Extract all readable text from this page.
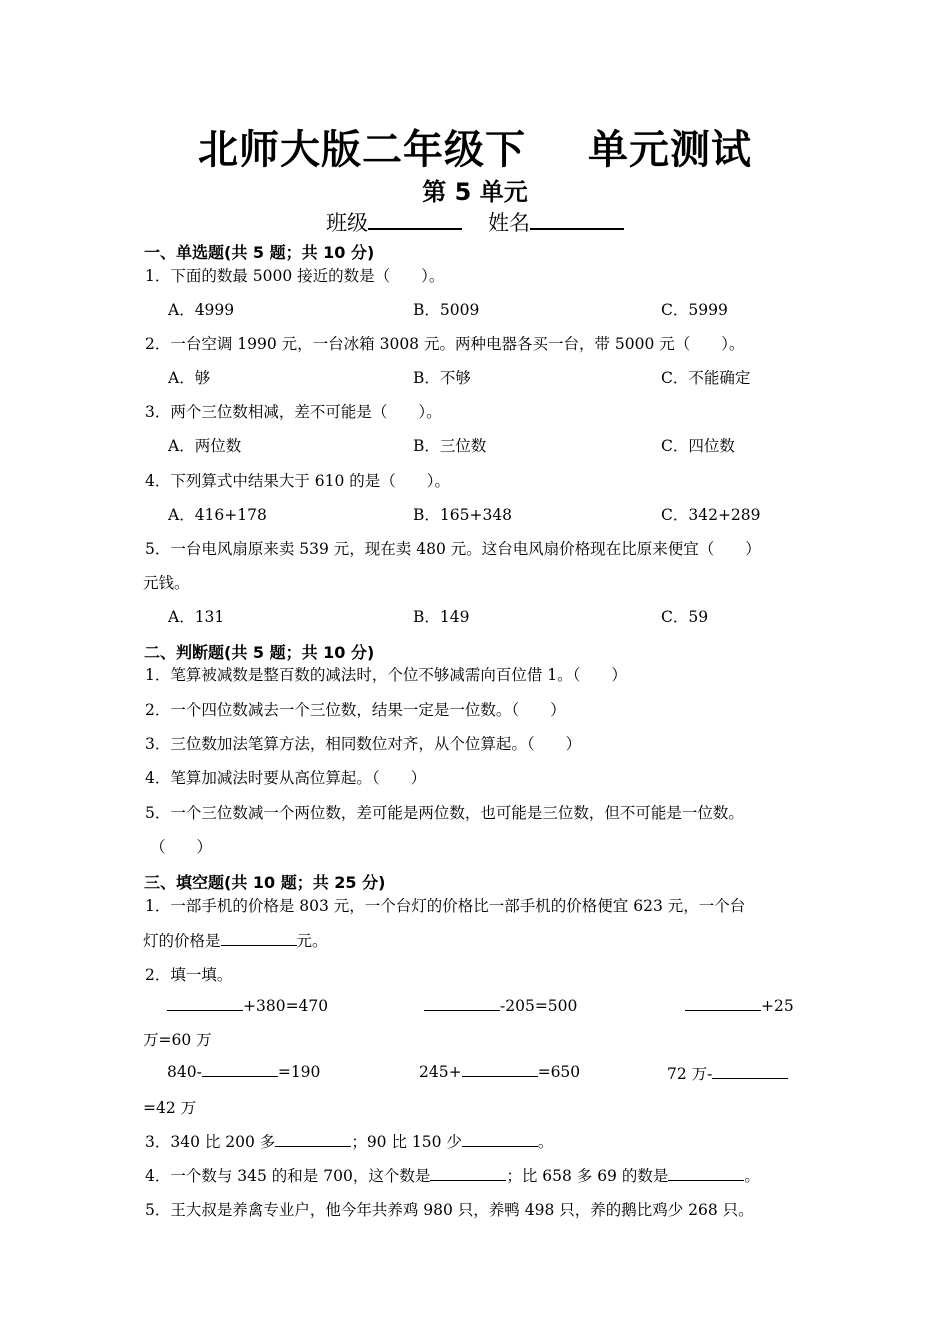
北师大版二年级下 单元测试
第 5 单元
班级	姓名
一、单选题(共 5 题；共 10 分)
1．下面的数最 5000 接近的数是（　　）。
A．4999	B．5009	C．5999
2．一台空调 1990 元，一台冰箱 3008 元。两种电器各买一台，带 5000 元（　　）。
A．够	B．不够	C．不能确定
3．两个三位数相减，差不可能是（　　）。
A．两位数	B．三位数	C．四位数
4．下列算式中结果大于 610 的是（　　）。
A．416+178	B．165+348	C．342+289
5．一台电风扇原来卖 539 元，现在卖 480 元。这台电风扇价格现在比原来便宜（　　）
元钱。
A．131	B．149	C．59
二、判断题(共 5 题；共 10 分)
1．笔算被减数是整百数的减法时，个位不够减需向百位借 1。（　　）
2．一个四位数减去一个三位数，结果一定是一位数。（　　）
3．三位数加法笔算方法，相同数位对齐，从个位算起。（　　）
4．笔算加减法时要从高位算起。（　　）
5．一个三位数减一个两位数，差可能是两位数，也可能是三位数，但不可能是一位数。
（　　）
三、填空题(共 10 题；共 25 分)
1．一部手机的价格是 803 元，一个台灯的价格比一部手机的价格便宜 623 元，一个台
灯的价格是	元。
2．填一填。
+380=470	-205=500	+25
万=60 万
840-	=190	245+	=650	72 万-
=42 万
3．340 比 200 多	；90 比 150 少	。
4．一个数与 345 的和是 700，这个数是	；比 658 多 69 的数是	。
5．王大叔是养禽专业户，他今年共养鸡 980 只，养鸭 498 只，养的鹅比鸡少 268 只。
